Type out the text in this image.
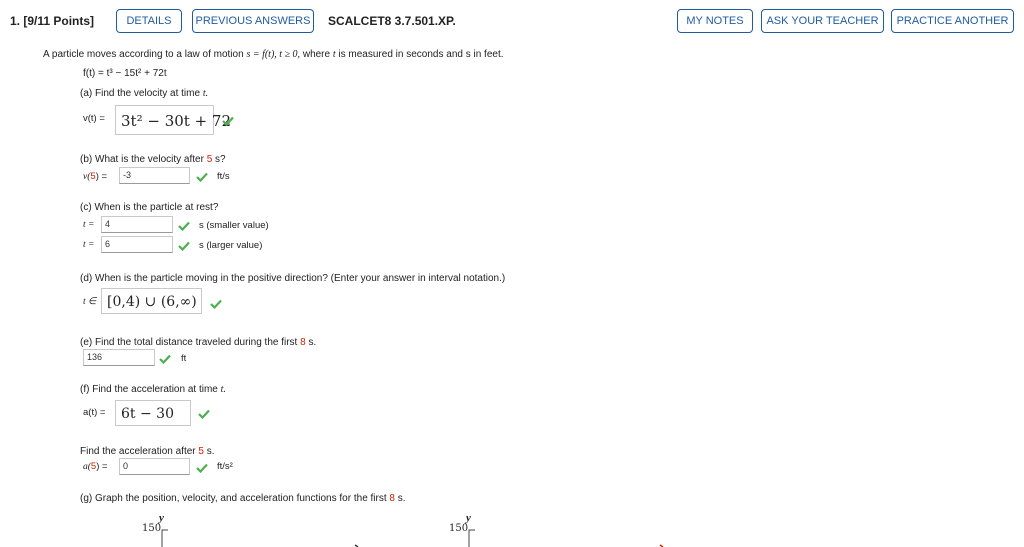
1. [9/11 Points]	DETAILS	PREVIOUS ANSWERS SCALCET8 3.7.501.XP.	MY NOTES	ASK YOUR TEACHER	PRACTICE ANOTHER
A particle moves according to a law of motion s = f(t), t ≥ 0, where t is measured in seconds and s in feet.
f(t) = t³ − 15t² + 72t
(a) Find the velocity at time t.
v(t) =	3t² − 30t + 72
(b) What is the velocity after 5 s?
v(5) =	-3	ft/s
(c) When is the particle at rest?
t =	4	s (smaller value)
t =	6	s (larger value)
(d) When is the particle moving in the positive direction? (Enter your answer in interval notation.)
t ∈ [0,4) ∪ (6,∞)
(e) Find the total distance traveled during the first 8 s.
136	ft
(f) Find the acceleration at time t.
a(t) =	6t − 30
Find the acceleration after 5 s.
a(5) =	0	ft/s²
(g) Graph the position, velocity, and acceleration functions for the first 8 s.
y
150
y
150
